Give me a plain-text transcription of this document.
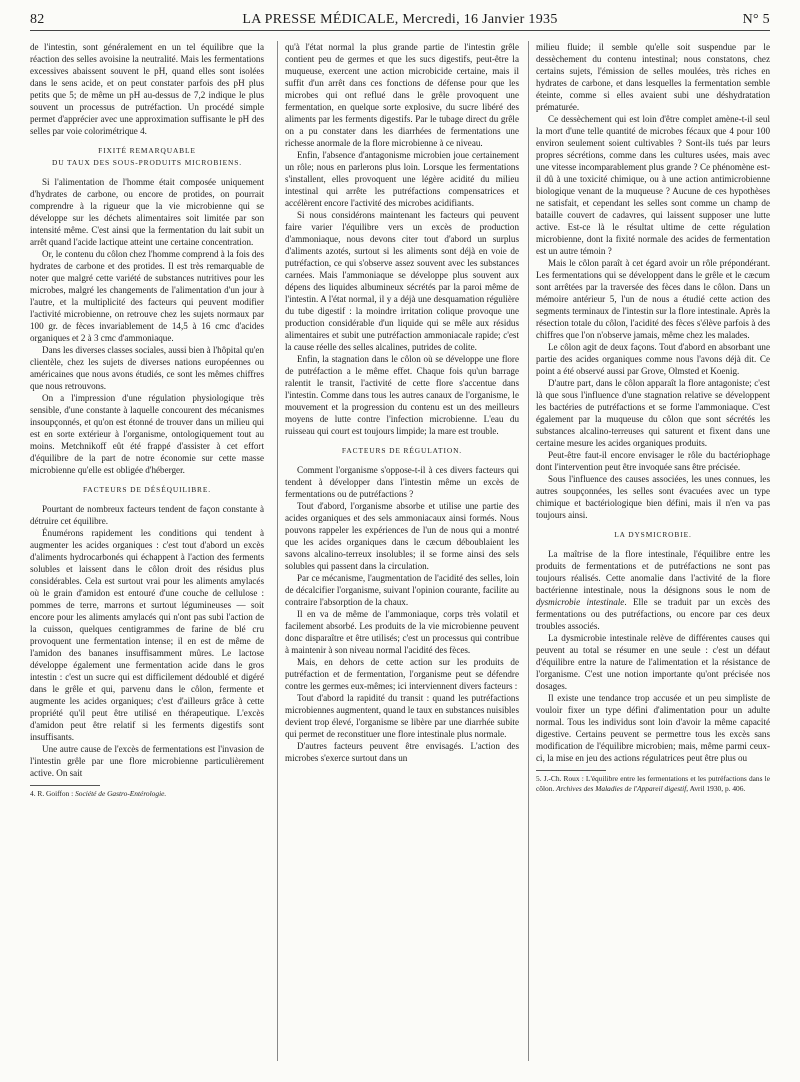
82	LA PRESSE MÉDICALE, Mercredi, 16 Janvier 1935	N° 5

de l'intestin, sont généralement en un tel équilibre que la réaction des selles avoisine la neutralité. Mais les fermentations excessives abaissent souvent le pH, quand elles sont isolées dans le sens acide, et on peut constater parfois des pH plus petits que 5; de même un pH au-dessus de 7,2 indique le plus souvent un processus de putréfaction. Un procédé simple permet d'apprécier avec une approximation suffisante le pH des selles par voie colorimétrique 4.

FIXITÉ REMARQUABLE
DU TAUX DES SOUS-PRODUITS MICROBIENS.

Si l'alimentation de l'homme était composée uniquement d'hydrates de carbone, ou encore de protides, on pourrait comprendre à la rigueur que la vie microbienne qui se développe sur les déchets alimentaires soit limitée par son intensité même. C'est ainsi que la fermentation du lait subit un arrêt quand l'acide lactique atteint une certaine concentration.

Or, le contenu du côlon chez l'homme comprend à la fois des hydrates de carbone et des protides. Il est très remarquable de noter que malgré cette variété de substances nutritives pour les microbes, malgré les changements de l'alimentation d'un jour à l'autre, et la multiplicité des facteurs qui peuvent modifier l'activité microbienne, on retrouve chez les sujets normaux par 100 gr. de fèces invariablement de 14,5 à 16 cmc d'acides organiques et 2 à 3 cmc d'ammoniaque.

Dans les diverses classes sociales, aussi bien à l'hôpital qu'en clientèle, chez les sujets de diverses nations européennes ou américaines que nous avons étudiés, ce sont les mêmes chiffres que nous retrouvons.

On a l'impression d'une régulation physiologique très sensible, d'une constante à laquelle concourent des mécanismes insoupçonnés, et qu'on est étonné de trouver dans un milieu qui est en sorte extérieur à l'organisme, ontologiquement tout au moins. Metchnikoff eût été frappé d'assister à cet effort d'équilibre de la part de notre économie sur cette masse microbienne qu'elle est obligée d'héberger.

FACTEURS DE DÉSÉQUILIBRE.

Pourtant de nombreux facteurs tendent de façon constante à détruire cet équilibre.

Énumérons rapidement les conditions qui tendent à augmenter les acides organiques : c'est tout d'abord un excès d'aliments hydrocarbonés qui échappent à l'action des ferments solubles et laissent dans le côlon droit des résidus plus considérables. Cela est surtout vrai pour les aliments amylacés où le grain d'amidon est entouré d'une couche de cellulose : pommes de terre, marrons et surtout légumineuses — soit encore pour les aliments amylacés qui n'ont pas subi l'action de la cuisson, quelques centigrammes de farine de blé cru provoquent une fermentation intense; il en est de même de l'amidon des bananes insuffisamment mûres. Le lactose développe également une fermentation acide dans le gros intestin : c'est un sucre qui est difficilement dédoublé et digéré dans le grêle et qui, parvenu dans le côlon, fermente et augmente les acides organiques; c'est d'ailleurs grâce à cette propriété qu'il peut être utilisé en thérapeutique. L'excès d'amidon peut être relatif si les ferments digestifs sont insuffisants.

Une autre cause de l'excès de fermentations est l'invasion de l'intestin grêle par une flore microbienne particulièrement active. On sait

4. R. Goiffon : Société de Gastro-Entérologie.

qu'à l'état normal la plus grande partie de l'intestin grêle contient peu de germes et que les sucs digestifs, peut-être la muqueuse, exercent une action microbicide certaine, mais il suffit d'un arrêt dans ces fonctions de défense pour que les microbes qui ont reflué dans le grêle provoquent une fermentation, en quelque sorte explosive, du sucre libéré des aliments par les ferments digestifs. Par le tubage direct du grêle on a pu constater dans les diarrhées de fermentations une richesse anormale de la flore microbienne à ce niveau.

Enfin, l'absence d'antagonisme microbien joue certainement un rôle; nous en parlerons plus loin. Lorsque les fermentations s'installent, elles provoquent une légère acidité du milieu intestinal qui arrête les putréfactions compensatrices et accélèrent encore l'activité des microbes acidifiants.

Si nous considérons maintenant les facteurs qui peuvent faire varier l'équilibre vers un excès de production d'ammoniaque, nous devons citer tout d'abord un surplus d'aliments azotés, surtout si les aliments sont déjà en voie de putréfaction, ce qui s'observe assez souvent avec les substances carnées. Mais l'ammoniaque se développe plus souvent aux dépens des liquides albumineux sécrétés par la paroi même de l'intestin. A l'état normal, il y a déjà une desquamation régulière du tube digestif : la moindre irritation colique provoque une production considérable d'un liquide qui se mêle aux résidus alimentaires et subit une putréfaction ammoniacale rapide; c'est la cause réelle des selles alcalines, putrides de colite.

Enfin, la stagnation dans le côlon où se développe une flore de putréfaction a le même effet. Chaque fois qu'un barrage ralentit le transit, l'activité de cette flore s'accentue dans l'intestin. Comme dans tous les autres canaux de l'organisme, le mouvement et la progression du contenu est un des meilleurs moyens de lutte contre l'infection microbienne. L'eau du ruisseau qui court est toujours limpide; la mare est trouble.

FACTEURS DE RÉGULATION.

Comment l'organisme s'oppose-t-il à ces divers facteurs qui tendent à développer dans l'intestin même un excès de fermentations ou de putréfactions ?

Tout d'abord, l'organisme absorbe et utilise une partie des acides organiques et des sels ammoniacaux ainsi formés. Nous pouvons rappeler les expériences de l'un de nous qui a montré que les acides organiques dans le cæcum déboublaient les savons alcalino-terreux insolubles; il se forme ainsi des sels solubles qui passent dans la circulation.

Par ce mécanisme, l'augmentation de l'acidité des selles, loin de décalcifier l'organisme, suivant l'opinion courante, facilite au contraire l'absorption de la chaux.

Il en va de même de l'ammoniaque, corps très volatil et facilement absorbé. Les produits de la vie microbienne peuvent donc disparaître et être utilisés; c'est un processus qui contribue à maintenir à son niveau normal l'acidité des fèces.

Mais, en dehors de cette action sur les produits de putréfaction et de fermentation, l'organisme peut se défendre contre les germes eux-mêmes; ici interviennent divers facteurs :

Tout d'abord la rapidité du transit : quand les putréfactions microbiennes augmentent, quand le taux en substances nuisibles devient trop élevé, l'organisme se libère par une diarrhée subite qui permet de reconstituer une flore intestinale plus normale.

D'autres facteurs peuvent être envisagés. L'action des microbes s'exerce surtout dans un

milieu fluide; il semble qu'elle soit suspendue par le dessèchement du contenu intestinal; nous constatons, chez certains sujets, l'émission de selles moulées, très riches en hydrates de carbone, et dans lesquelles la fermentation semble éteinte, comme si elles avaient subi une déshydratation prématurée.

Ce dessèchement qui est loin d'être complet amène-t-il seul la mort d'une telle quantité de microbes fécaux que 4 pour 100 environ seulement soient cultivables ? Sont-ils tués par leurs propres sécrétions, comme dans les cultures usées, mais avec une vitesse incomparablement plus grande ? Ce phénomène est-il dû à une toxicité chimique, ou à une action antimicrobienne biologique venant de la muqueuse ? Aucune de ces hypothèses ne satisfait, et cependant les selles sont comme un champ de bataille couvert de cadavres, qui laissent supposer une lutte active. Est-ce là le résultat ultime de cette régulation microbienne, dont la fixité normale des acides de fermentation est un autre témoin ?

Mais le côlon paraît à cet égard avoir un rôle prépondérant. Les fermentations qui se développent dans le grêle et le cæcum sont arrêtées par la traversée des fèces dans le côlon. Dans un mémoire antérieur 5, l'un de nous a étudié cette action des segments terminaux de l'intestin sur la flore intestinale. Après la résection totale du côlon, l'acidité des fèces s'élève parfois à des chiffres que l'on n'observe jamais, même chez les malades.

Le côlon agit de deux façons. Tout d'abord en absorbant une partie des acides organiques comme nous l'avons déjà dit. Ce point a été observé aussi par Grove, Olmsted et Koenig.

D'autre part, dans le côlon apparaît la flore antagoniste; c'est là que sous l'influence d'une stagnation relative se développent les bactéries de putréfactions et se forme l'ammoniaque. C'est également par la muqueuse du côlon que sont sécrétés les substances alcalino-terreuses qui saturent et fixent dans une certaine mesure les acides organiques produits.

Peut-être faut-il encore envisager le rôle du bactériophage dont l'intervention peut être invoquée sans être précisée.

Sous l'influence des causes associées, les unes connues, les autres soupçonnées, les selles sont évacuées avec un type chimique et bactériologique bien défini, mais il n'en va pas toujours ainsi.

LA DYSMICROBIE.

La maîtrise de la flore intestinale, l'équilibre entre les produits de fermentations et de putréfactions ne sont pas toujours réalisés. Cette anomalie dans l'activité de la flore bactérienne intestinale, nous la désignons sous le nom de dysmicrobie intestinale. Elle se traduit par un excès des fermentations ou des putréfactions, ou encore par ces deux troubles associés.

La dysmicrobie intestinale relève de différentes causes qui peuvent au total se résumer en une seule : c'est un défaut d'équilibre entre la nature de l'alimentation et la résistance de l'organisme. C'est une notion importante qu'ont précisée nos dosages.

Il existe une tendance trop accusée et un peu simpliste de vouloir fixer un type défini d'alimentation pour un adulte normal. Tous les individus sont loin d'avoir la même capacité digestive. Certains peuvent se permettre tous les excès sans modification de l'équilibre microbien; mais, même parmi ceux-ci, la mise en jeu des actions régulatrices peut être plus ou

5. J.-Ch. Roux : L'équilibre entre les fermentations et les putréfactions dans le côlon. Archives des Maladies de l'Appareil digestif, Avril 1930, p. 406.
